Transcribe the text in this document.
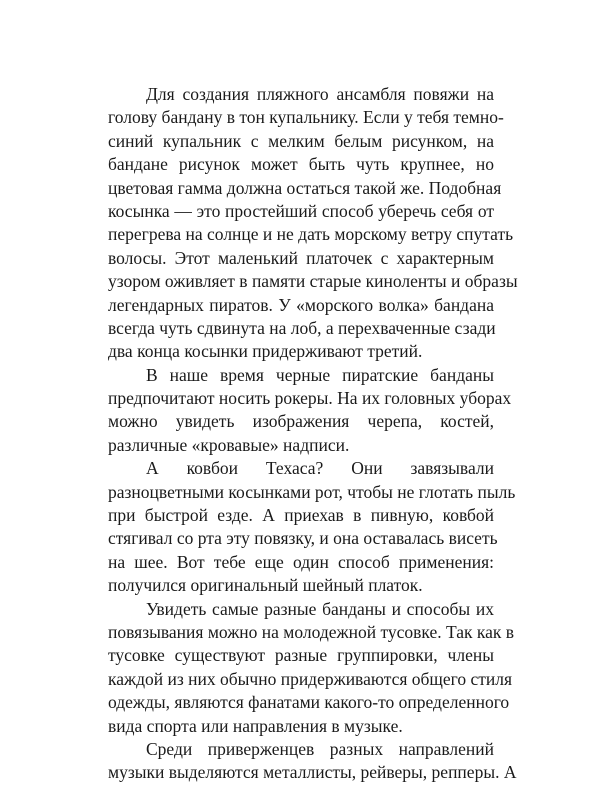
Для создания пляжного ансамбля повяжи на
голову бандану в тон купальнику. Если у тебя темно-
синий купальник с мелким белым рисунком, на
бандане рисунок может быть чуть крупнее, но
цветовая гамма должна остаться такой же. Подобная
косынка — это простейший способ уберечь себя от
перегрева на солнце и не дать морскому ветру спутать
волосы. Этот маленький платочек с характерным
узором оживляет в памяти старые киноленты и образы
легендарных пиратов. У «морского волка» бандана
всегда чуть сдвинута на лоб, а перехваченные сзади
два конца косынки придерживают третий.
В наше время черные пиратские банданы
предпочитают носить рокеры. На их головных уборах
можно увидеть изображения черепа, костей,
различные «кровавые» надписи.
А ковбои Техаса? Они завязывали
разноцветными косынками рот, чтобы не глотать пыль
при быстрой езде. А приехав в пивную, ковбой
стягивал со рта эту повязку, и она оставалась висеть
на шее. Вот тебе еще один способ применения:
получился оригинальный шейный платок.
Увидеть самые разные банданы и способы их
повязывания можно на молодежной тусовке. Так как в
тусовке существуют разные группировки, члены
каждой из них обычно придерживаются общего стиля
одежды, являются фанатами какого-то определенного
вида спорта или направления в музыке.
Среди приверженцев разных направлений
музыки выделяются металлисты, рейверы, репперы. А
